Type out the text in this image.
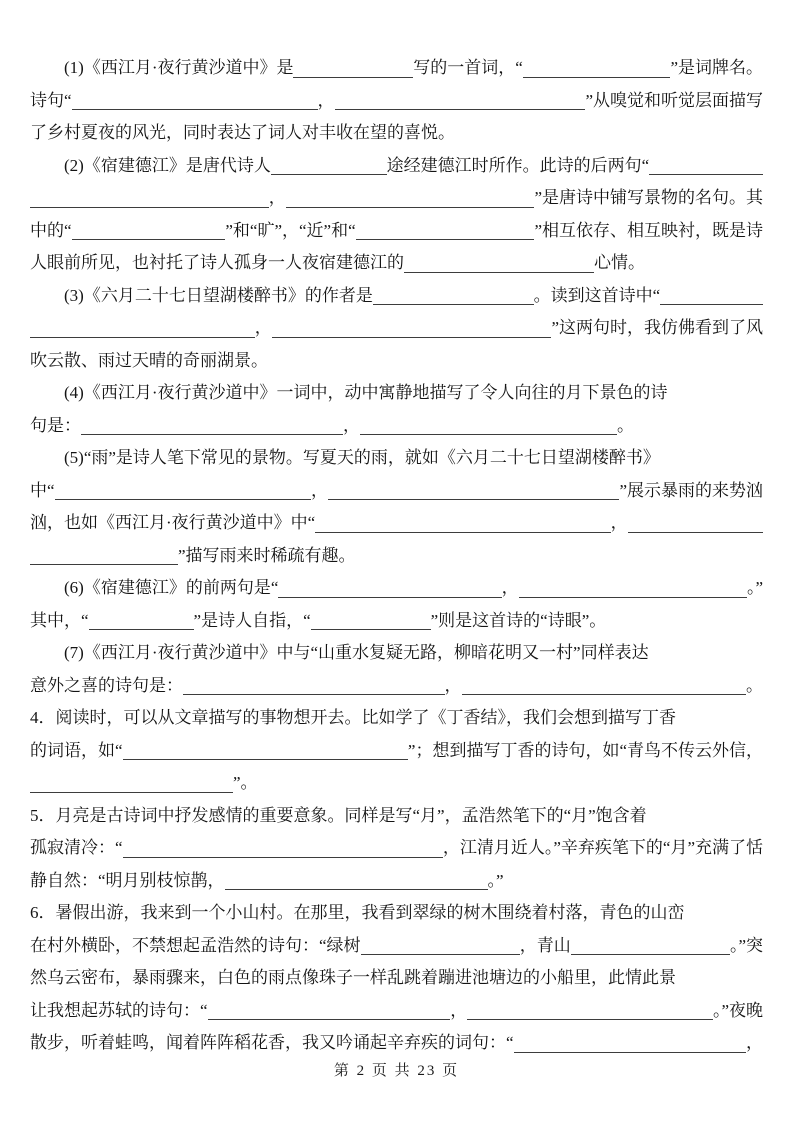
(1)《西江月·夜行黄沙道中》是	写的一首词，“	”是词牌名。
诗句“	，	”从嗅觉和听觉层面描写
了乡村夏夜的风光，同时表达了词人对丰收在望的喜悦。
(2)《宿建德江》是唐代诗人	途经建德江时所作。此诗的后两句“
，	”是唐诗中铺写景物的名句。其
中的“	”和“旷”，“近”和“	”相互依存、相互映衬，既是诗
人眼前所见，也衬托了诗人孤身一人夜宿建德江的	心情。
(3)《六月二十七日望湖楼醉书》的作者是	。读到这首诗中“
，	”这两句时，我仿佛看到了风
吹云散、雨过天晴的奇丽湖景。
(4)《西江月·夜行黄沙道中》一词中，动中寓静地描写了令人向往的月下景色的诗
句是：	，	。
(5)“雨”是诗人笔下常见的景物。写夏天的雨，就如《六月二十七日望湖楼醉书》
中“	，	”展示暴雨的来势汹
汹，也如《西江月·夜行黄沙道中》中“	，
”描写雨来时稀疏有趣。
(6)《宿建德江》的前两句是“	，	。”
其中，“	”是诗人自指，“	”则是这首诗的“诗眼”。
(7)《西江月·夜行黄沙道中》中与“山重水复疑无路，柳暗花明又一村”同样表达
意外之喜的诗句是：	，	。
4．阅读时，可以从文章描写的事物想开去。比如学了《丁香结》，我们会想到描写丁香
的词语，如“	”；想到描写丁香的诗句，如“青鸟不传云外信，
”。
5．月亮是古诗词中抒发感情的重要意象。同样是写“月”，孟浩然笔下的“月”饱含着
孤寂清冷：“	，江清月近人。”辛弃疾笔下的“月”充满了恬
静自然：“明月别枝惊鹊，	。”
6．暑假出游，我来到一个小山村。在那里，我看到翠绿的树木围绕着村落，青色的山峦
在村外横卧，不禁想起孟浩然的诗句：“绿树	，青山	。”突
然乌云密布，暴雨骤来，白色的雨点像珠子一样乱跳着蹦进池塘边的小船里，此情此景
让我想起苏轼的诗句：“	，	。”夜晚
散步，听着蛙鸣，闻着阵阵稻花香，我又吟诵起辛弃疾的词句：“	，
第 2 页 共 23 页
